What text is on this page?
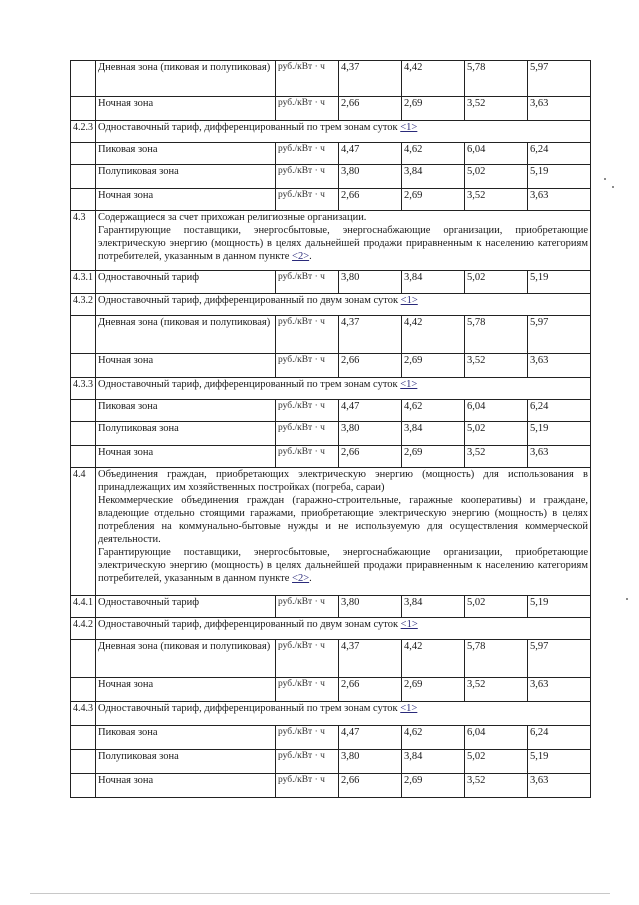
	Дневная зона (пиковая и полупиковая)	руб./кВт · ч	4,37	4,42	5,78	5,97
	Ночная зона	руб./кВт · ч	2,66	2,69	3,52	3,63
4.2.3	Одноставочный тариф, дифференцированный по трем зонам суток <1>					
	Пиковая зона	руб./кВт · ч	4,47	4,62	6,04	6,24
	Полупиковая зона	руб./кВт · ч	3,80	3,84	5,02	5,19
	Ночная зона	руб./кВт · ч	2,66	2,69	3,52	3,63
4.3	Содержащиеся за счет прихожан религиозные организации.

Гарантирующие поставщики, энергосбытовые, энергоснабжающие организации, приобретающие электрическую энергию (мощность) в целях дальнейшей продажи приравненным к населению категориям потребителей, указанным в данном пункте <2>.					

4.3.1	Одноставочный тариф	руб./кВт · ч	3,80	3,84	5,02	5,19
4.3.2	Одноставочный тариф, дифференцированный по двум зонам суток <1>					
	Дневная зона (пиковая и полупиковая)	руб./кВт · ч	4,37	4,42	5,78	5,97
	Ночная зона	руб./кВт · ч	2,66	2,69	3,52	3,63
4.3.3	Одноставочный тариф, дифференцированный по трем зонам суток <1>					
	Пиковая зона	руб./кВт · ч	4,47	4,62	6,04	6,24
	Полупиковая зона	руб./кВт · ч	3,80	3,84	5,02	5,19
	Ночная зона	руб./кВт · ч	2,66	2,69	3,52	3,63
4.4	Объединения граждан, приобретающих электрическую энергию (мощность) для использования в принадлежащих им хозяйственных постройках (погреба, сараи)

Некоммерческие объединения граждан (гаражно-строительные, гаражные кооперативы) и граждане, владеющие отдельно стоящими гаражами, приобретающие электрическую энергию (мощность) в целях потребления на коммунально-бытовые нужды и не используемую для осуществления коммерческой деятельности.

Гарантирующие поставщики, энергосбытовые, энергоснабжающие организации, приобретающие электрическую энергию (мощность) в целях дальнейшей продажи приравненным к населению категориям потребителей, указанным в данном пункте <2>.					

4.4.1	Одноставочный тариф	руб./кВт · ч	3,80	3,84	5,02	5,19
4.4.2	Одноставочный тариф, дифференцированный по двум зонам суток <1>					
	Дневная зона (пиковая и полупиковая)	руб./кВт · ч	4,37	4,42	5,78	5,97
	Ночная зона	руб./кВт · ч	2,66	2,69	3,52	3,63
4.4.3	Одноставочный тариф, дифференцированный по трем зонам суток <1>					
	Пиковая зона	руб./кВт · ч	4,47	4,62	6,04	6,24
	Полупиковая зона	руб./кВт · ч	3,80	3,84	5,02	5,19
	Ночная зона	руб./кВт · ч	2,66	2,69	3,52	3,63
